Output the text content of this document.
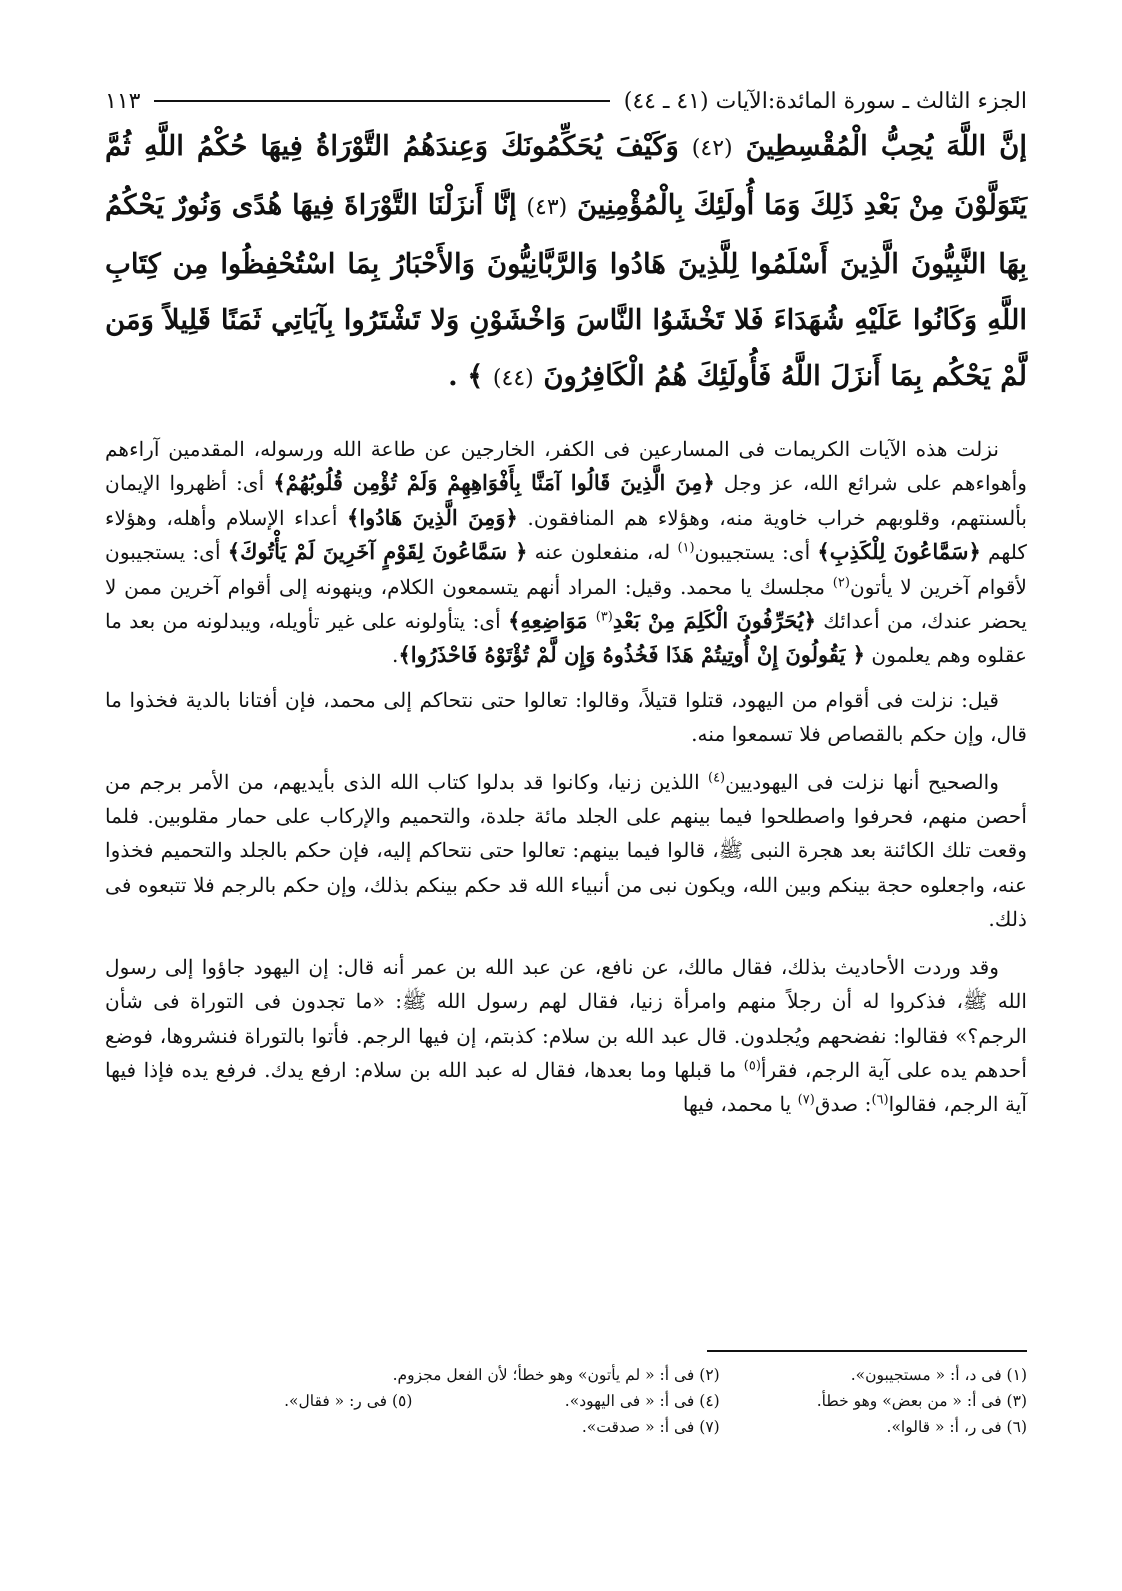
الجزء الثالث ـ سورة المائدة:الآيات (٤١ ـ ٤٤)
١١٣
إنَّ اللَّهَ يُحِبُّ الْمُقْسِطِينَ (٤٢) وَكَيْفَ يُحَكِّمُونَكَ وَعِندَهُمُ التَّوْرَاةُ فِيهَا حُكْمُ اللَّهِ ثُمَّ يَتَوَلَّوْنَ مِنْ بَعْدِ ذَلِكَ وَمَا أُولَئِكَ بِالْمُؤْمِنِينَ (٤٣) إنَّا أَنزَلْنَا التَّوْرَاةَ فِيهَا هُدًى وَنُورٌ يَحْكُمُ بِهَا النَّبِيُّونَ الَّذِينَ أَسْلَمُوا لِلَّذِينَ هَادُوا وَالرَّبَّانِيُّونَ وَالأَحْبَارُ بِمَا اسْتُحْفِظُوا مِن كِتَابِ اللَّهِ وَكَانُوا عَلَيْهِ شُهَدَاءَ فَلا تَخْشَوُا النَّاسَ وَاخْشَوْنِ وَلا تَشْتَرُوا بِآيَاتِي ثَمَنًا قَلِيلاً وَمَن لَّمْ يَحْكُم بِمَا أَنزَلَ اللَّهُ فَأُولَئِكَ هُمُ الْكَافِرُونَ (٤٤) ﴾ .

نزلت هذه الآيات الكريمات فى المسارعين فى الكفر، الخارجين عن طاعة الله ورسوله، المقدمين آراءهم وأهواءهم على شرائع الله، عز وجل ﴿مِنَ الَّذِينَ قَالُوا آمَنَّا بِأَفْوَاهِهِمْ وَلَمْ تُؤْمِن قُلُوبُهُمْ﴾ أى: أظهروا الإيمان بألسنتهم، وقلوبهم خراب خاوية منه، وهؤلاء هم المنافقون. ﴿وَمِنَ الَّذِينَ هَادُوا﴾ أعداء الإسلام وأهله، وهؤلاء كلهم ﴿سَمَّاعُونَ لِلْكَذِبِ﴾ أى: يستجيبون$^{(١)}$ له، منفعلون عنه ﴿ سَمَّاعُونَ لِقَوْمٍ آخَرِينَ لَمْ يَأْتُوكَ﴾ أى: يستجيبون لأقوام آخرين لا يأتون$^{(٢)}$ مجلسك يا محمد. وقيل: المراد أنهم يتسمعون الكلام، وينهونه إلى أقوام آخرين ممن لا يحضر عندك، من أعدائك ﴿يُحَرِّفُونَ الْكَلِمَ مِنْ بَعْدِ$^{(٣)}$ مَوَاضِعِهِ﴾ أى: يتأولونه على غير تأويله، ويبدلونه من بعد ما عقلوه وهم يعلمون ﴿ يَقُولُونَ إِنْ أُوتِيتُمْ هَذَا فَخُذُوهُ وَإِن لَّمْ تُؤْتَوْهُ فَاحْذَرُوا﴾.

قيل: نزلت فى أقوام من اليهود، قتلوا قتيلاً، وقالوا: تعالوا حتى نتحاكم إلى محمد، فإن أفتانا بالدية فخذوا ما قال، وإن حكم بالقصاص فلا تسمعوا منه.

والصحيح أنها نزلت فى اليهوديين$^{(٤)}$ اللذين زنيا، وكانوا قد بدلوا كتاب الله الذى بأيديهم، من الأمر برجم من أحصن منهم، فحرفوا واصطلحوا فيما بينهم على الجلد مائة جلدة، والتحميم والإركاب على حمار مقلوبين. فلما وقعت تلك الكائنة بعد هجرة النبى ﷺ، قالوا فيما بينهم: تعالوا حتى نتحاكم إليه، فإن حكم بالجلد والتحميم فخذوا عنه، واجعلوه حجة بينكم وبين الله، ويكون نبى من أنبياء الله قد حكم بينكم بذلك، وإن حكم بالرجم فلا تتبعوه فى ذلك.

وقد وردت الأحاديث بذلك، فقال مالك، عن نافع، عن عبد الله بن عمر أنه قال: إن اليهود جاؤوا إلى رسول الله ﷺ، فذكروا له أن رجلاً منهم وامرأة زنيا، فقال لهم رسول الله ﷺ: «ما تجدون فى التوراة فى شأن الرجم؟» فقالوا: نفضحهم ويُجلدون. قال عبد الله بن سلام: كذبتم، إن فيها الرجم. فأتوا بالتوراة فنشروها، فوضع أحدهم يده على آية الرجم، فقرأ$^{(٥)}$ ما قبلها وما بعدها، فقال له عبد الله بن سلام: ارفع يدك. فرفع يده فإذا فيها آية الرجم، فقالوا$^{(٦)}$: صدق$^{(٧)}$ يا محمد، فيها

(١) فى د، أ: « مستجيبون».
(٢) فى أ: « لم يأتون» وهو خطأ؛ لأن الفعل مجزوم.
(٣) فى أ: « من بعض» وهو خطأ.
(٤) فى أ: « فى اليهود».
(٥) فى ر: « فقال».
(٦) فى ر، أ: « قالوا».
(٧) فى أ: « صدقت».
